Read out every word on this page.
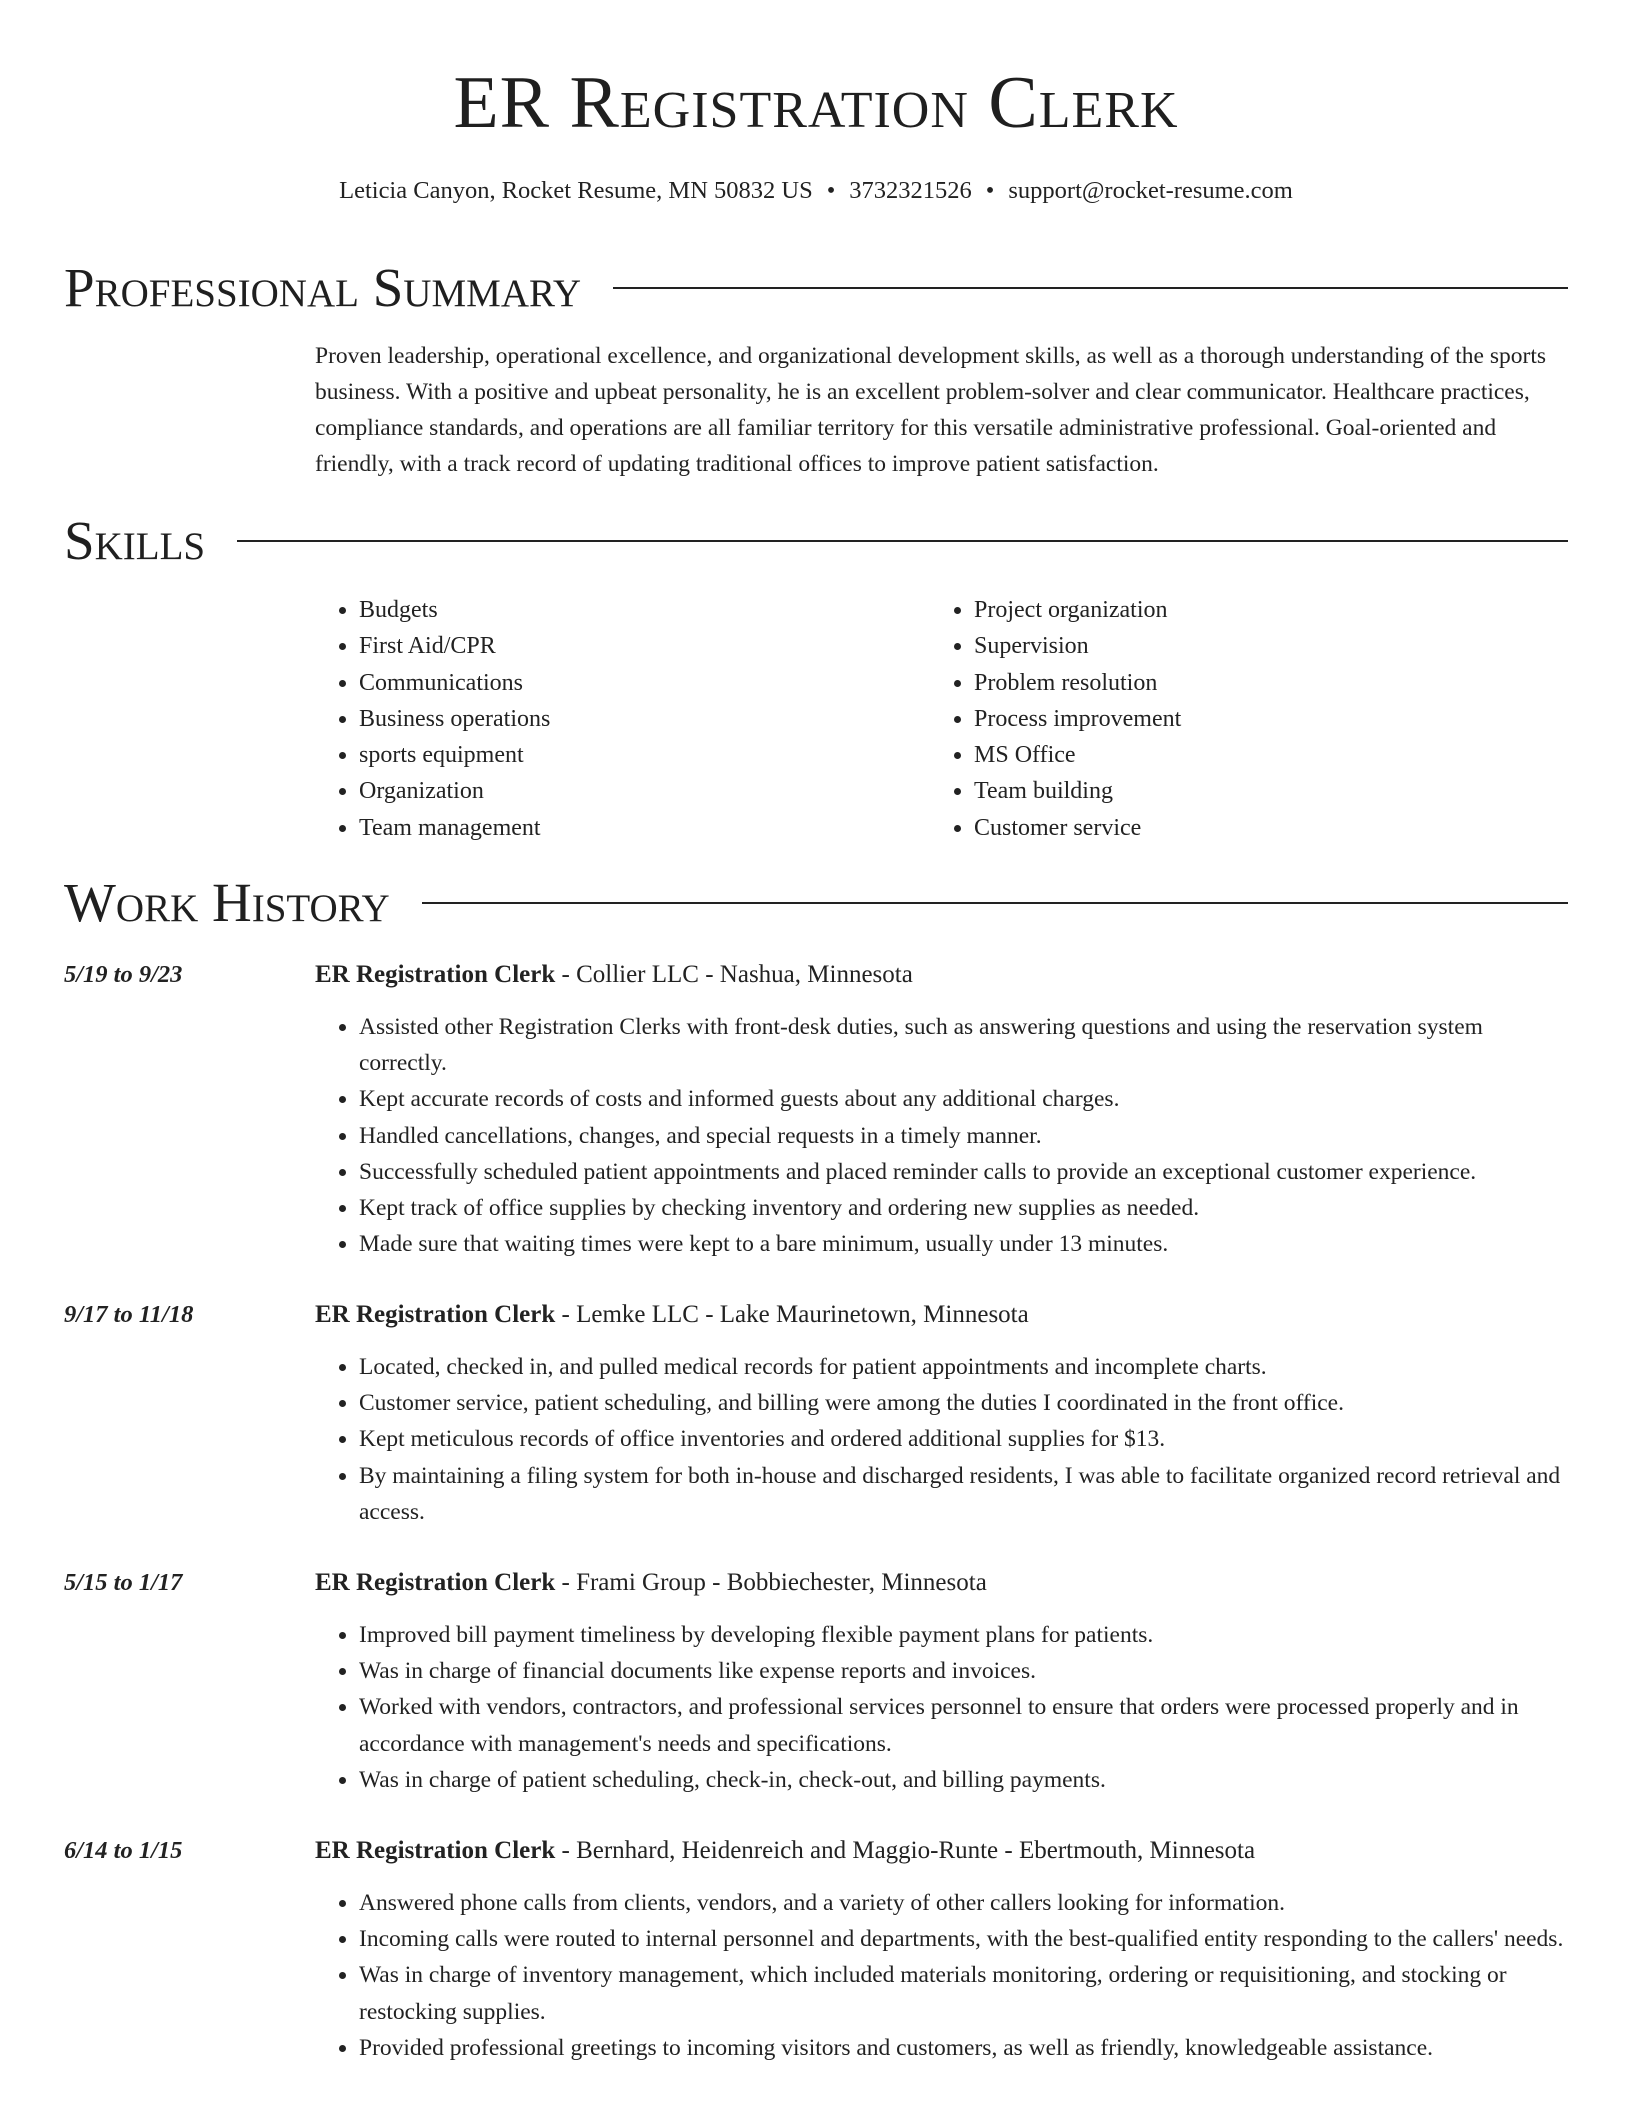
ER Registration Clerk
Leticia Canyon, Rocket Resume, MN 50832 US • 3732321526 • support@rocket-resume.com
Professional Summary

Proven leadership, operational excellence, and organizational development skills, as well as a thorough understanding of the sports business. With a positive and upbeat personality, he is an excellent problem-solver and clear communicator. Healthcare practices, compliance standards, and operations are all familiar territory for this versatile administrative professional. Goal-oriented and friendly, with a track record of updating traditional offices to improve patient satisfaction.

Skills
• Budgets
• First Aid/CPR
• Communications
• Business operations
• sports equipment
• Organization
• Team management
• Project organization
• Supervision
• Problem resolution
• Process improvement
• MS Office
• Team building
• Customer service
Work History
5/19 to 9/23	ER Registration Clerk - Collier LLC - Nashua, Minnesota
• Assisted other Registration Clerks with front-desk duties, such as answering questions and using the reservation system correctly.
• Kept accurate records of costs and informed guests about any additional charges.
• Handled cancellations, changes, and special requests in a timely manner.
• Successfully scheduled patient appointments and placed reminder calls to provide an exceptional customer experience.
• Kept track of office supplies by checking inventory and ordering new supplies as needed.
• Made sure that waiting times were kept to a bare minimum, usually under 13 minutes.
9/17 to 11/18	ER Registration Clerk - Lemke LLC - Lake Maurinetown, Minnesota
• Located, checked in, and pulled medical records for patient appointments and incomplete charts.
• Customer service, patient scheduling, and billing were among the duties I coordinated in the front office.
• Kept meticulous records of office inventories and ordered additional supplies for $13.
• By maintaining a filing system for both in-house and discharged residents, I was able to facilitate organized record retrieval and access.
5/15 to 1/17	ER Registration Clerk - Frami Group - Bobbiechester, Minnesota
• Improved bill payment timeliness by developing flexible payment plans for patients.
• Was in charge of financial documents like expense reports and invoices.
• Worked with vendors, contractors, and professional services personnel to ensure that orders were processed properly and in accordance with management's needs and specifications.
• Was in charge of patient scheduling, check-in, check-out, and billing payments.
6/14 to 1/15	ER Registration Clerk - Bernhard, Heidenreich and Maggio-Runte - Ebertmouth, Minnesota
• Answered phone calls from clients, vendors, and a variety of other callers looking for information.
• Incoming calls were routed to internal personnel and departments, with the best-qualified entity responding to the callers' needs.
• Was in charge of inventory management, which included materials monitoring, ordering or requisitioning, and stocking or restocking supplies.
• Provided professional greetings to incoming visitors and customers, as well as friendly, knowledgeable assistance.
